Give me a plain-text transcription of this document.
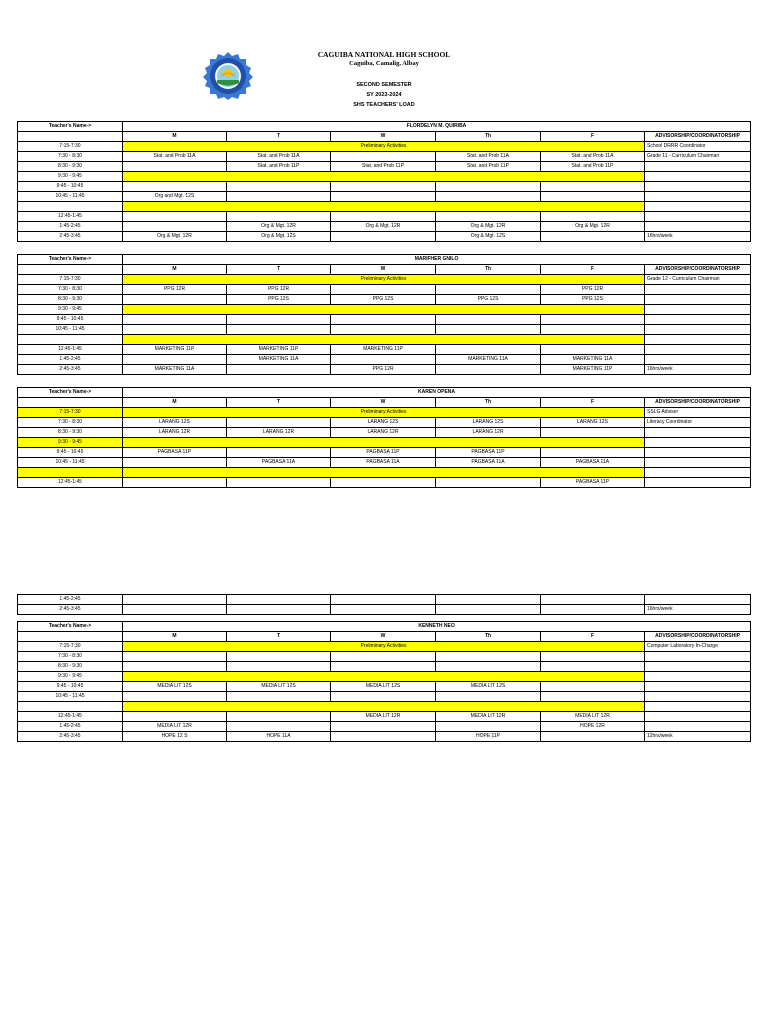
CAGUIBA NATIONAL HIGH SCHOOL
Caguiba, Camalig, Albay
SECOND SEMESTER
SY 2023-2024
SHS TEACHERS' LOAD
Teacher's Name->	FLORDELYN M. QUIRIBA					
	M	T	W	Th	F	ADVISORSHIP/COORDINATORSHIP
7:15-7:30	Preliminary Activities					School DRRR Coordinator
7:30 - 8:30	Stat. and Prob 11A	Stat. and Prob 11A		Stat. and Prob 11A	Stat. and Prob 11A	Grade 11 - Curriculum Chairman
8:30 - 9:30		Stat. and Prob 11P	Stat. and Prob 11P	Stat. and Prob 11P	Stat. and Prob 11P	
9:30 - 9:45						
9:45 - 10:45						
10:45 - 11:45	Org and Mgt. 12S					

12:45-1:45						
1:45-2:45		Org & Mgt. 12R	Org & Mgt. 12R	Org & Mgt. 12R	Org & Mgt. 12R	
2:45-3:45	Org & Mgt. 12R	Org & Mgt. 12S		Org & Mgt. 12S		16hrs/week
Teacher's Name->	MARIFHER GNILO					
	M	T	W	Th	F	ADVISORSHIP/COORDINATORSHIP
7:15-7:30	Preliminary Activities					Grade 12 - Curriculum Chairman
7:30 - 8:30	PPG 12R	PPG 12R			PPG 12R	
8:30 - 9:30		PPG 12S	PPG 12S	PPG 12S	PPG 12S	
9:30 - 9:45						
9:45 - 10:45						
10:45 - 11:45						

12:45-1:45	MARKETING 11P	MARKETING 11P	MARKETING 11P			
1:45-2:45		MARKETING 11A		MARKETING 11A	MARKETING 11A	
2:45-3:45	MARKETING 11A		PPG 12R		MARKETING 11P	16hrs/week
Teacher's Name->	KAREN OPENA					
	M	T	W	Th	F	ADVISORSHIP/COORDINATORSHIP
7:15-7:30	Preliminary Activities					SSLG Adviser
7:30 - 8:30	LARANG 12S		LARANG 12S	LARANG 12S	LARANG 12S	Literacy Coordinator
8:30 - 9:30	LARANG 12R	LARANG 12R	LARANG 12R	LARANG 12R		
9:30 - 9:45						
9:45 - 10:45	PAGBASA 11P		PAGBASA 11P	PAGBASA 11P		
10:45 - 11:45		PAGBASA 11A	PAGBASA 11A	PAGBASA 11A	PAGBASA 11A	

12:45-1:45					PAGBASA 11P	
1:45-2:45						
2:45-3:45						16hrs/week
Teacher's Name->	KENNETH NEO					
	M	T	W	Th	F	ADVISORSHIP/COORDINATORSHIP
7:15-7:30	Preliminary Activities					Computer Laboratory In-Charge
7:30 - 8:30						
8:30 - 9:30						
9:30 - 9:45						
9:45 - 10:45	MEDIA LIT 12S	MEDIA LIT 12S	MEDIA LIT 12S	MEDIA LIT 12S		
10:45 - 11:45						

12:45-1:45			MEDIA LIT 12R	MEDIA LIT 12R	MEDIA LIT 12R	
1:45-2:45	MEDIA LIT 12R				HOPE 12R	
2:45-3:45	HOPE 12 S	HOPE 11A		HOPE 11P		12hrs/week
